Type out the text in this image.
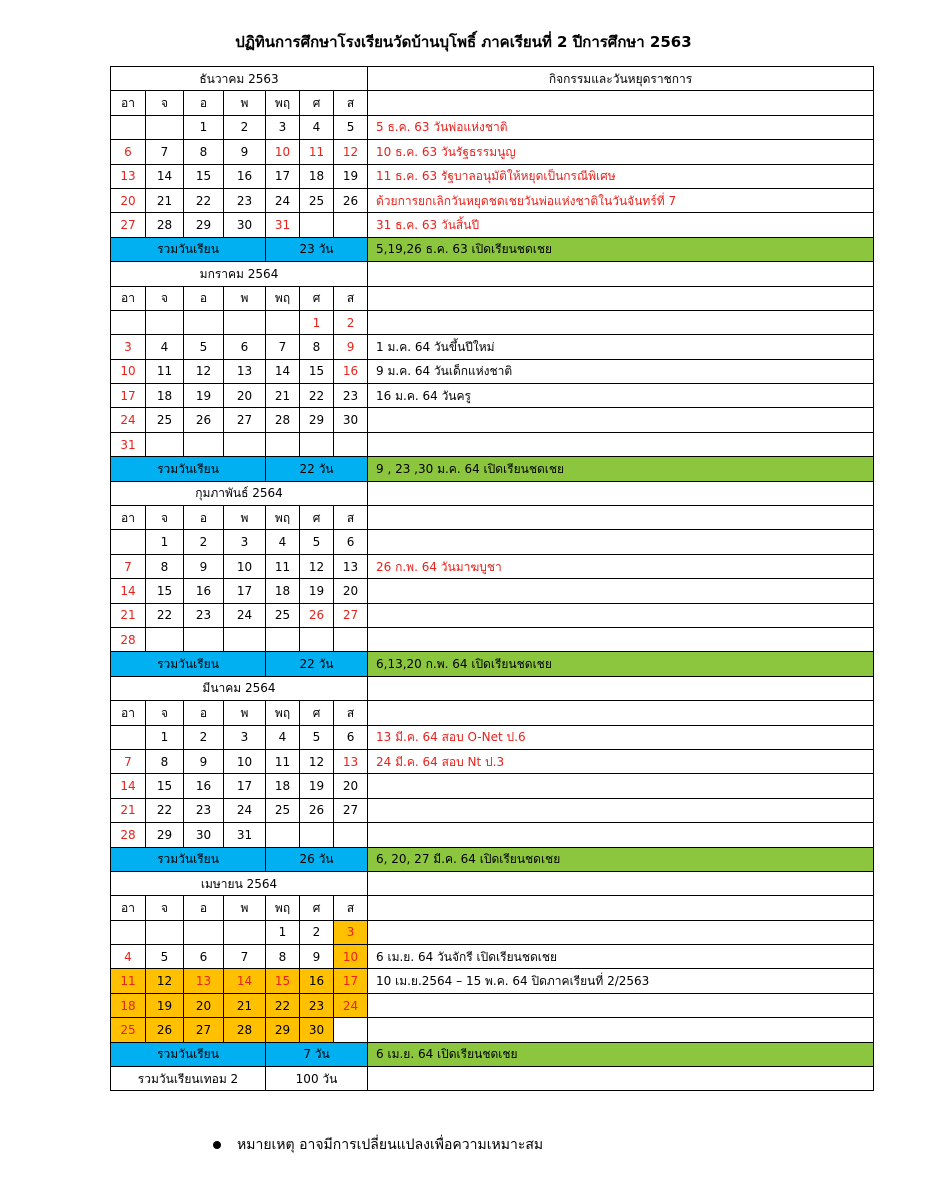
ปฏิทินการศึกษาโรงเรียนวัดบ้านบุโพธิ์ ภาคเรียนที่ 2 ปีการศึกษา 2563
ธันวาคม 2563							กิจกรรมและวันหยุดราชการ
อา	จ	อ	พ	พฤ	ศ	ส	
		1	2	3	4	5	5 ธ.ค. 63 วันพ่อแห่งชาติ
6	7	8	9	10	11	12	10 ธ.ค. 63 วันรัฐธรรมนูญ
13	14	15	16	17	18	19	11 ธ.ค. 63 รัฐบาลอนุมัติให้หยุดเป็นกรณีพิเศษ
20	21	22	23	24	25	26	ด้วยการยกเลิกวันหยุดชดเชยวันพ่อแห่งชาติในวันจันทร์ที่ 7
27	28	29	30	31			31 ธ.ค. 63 วันสิ้นปี
รวมวันเรียน				23 วัน			5,19,26 ธ.ค. 63 เปิดเรียนชดเชย
มกราคม 2564							
อา	จ	อ	พ	พฤ	ศ	ส	
					1	2	
3	4	5	6	7	8	9	1 ม.ค. 64 วันขึ้นปีใหม่
10	11	12	13	14	15	16	9 ม.ค. 64 วันเด็กแห่งชาติ
17	18	19	20	21	22	23	16 ม.ค. 64 วันครู
24	25	26	27	28	29	30	
31							
รวมวันเรียน				22 วัน			9 , 23 ,30 ม.ค. 64 เปิดเรียนชดเชย
กุมภาพันธ์ 2564							
อา	จ	อ	พ	พฤ	ศ	ส	
	1	2	3	4	5	6	
7	8	9	10	11	12	13	26 ก.พ. 64 วันมาฆบูชา
14	15	16	17	18	19	20	
21	22	23	24	25	26	27	
28							
รวมวันเรียน				22 วัน			6,13,20 ก.พ. 64 เปิดเรียนชดเชย
มีนาคม 2564							
อา	จ	อ	พ	พฤ	ศ	ส	
	1	2	3	4	5	6	13 มี.ค. 64 สอบ O-Net ป.6
7	8	9	10	11	12	13	24 มี.ค. 64 สอบ Nt ป.3
14	15	16	17	18	19	20	
21	22	23	24	25	26	27	
28	29	30	31				
รวมวันเรียน				26 วัน			6, 20, 27 มี.ค. 64 เปิดเรียนชดเชย
เมษายน 2564							
อา	จ	อ	พ	พฤ	ศ	ส	
				1	2	3	
4	5	6	7	8	9	10	6 เม.ย. 64 วันจักรี เปิดเรียนชดเชย
11	12	13	14	15	16	17	10 เม.ย.2564 – 15 พ.ค. 64 ปิดภาคเรียนที่ 2/2563
18	19	20	21	22	23	24	
25	26	27	28	29	30		
รวมวันเรียน				7 วัน			6 เม.ย. 64 เปิดเรียนชดเชย
รวมวันเรียนเทอม 2				100 วัน			
หมายเหตุ อาจมีการเปลี่ยนแปลงเพื่อความเหมาะสม
